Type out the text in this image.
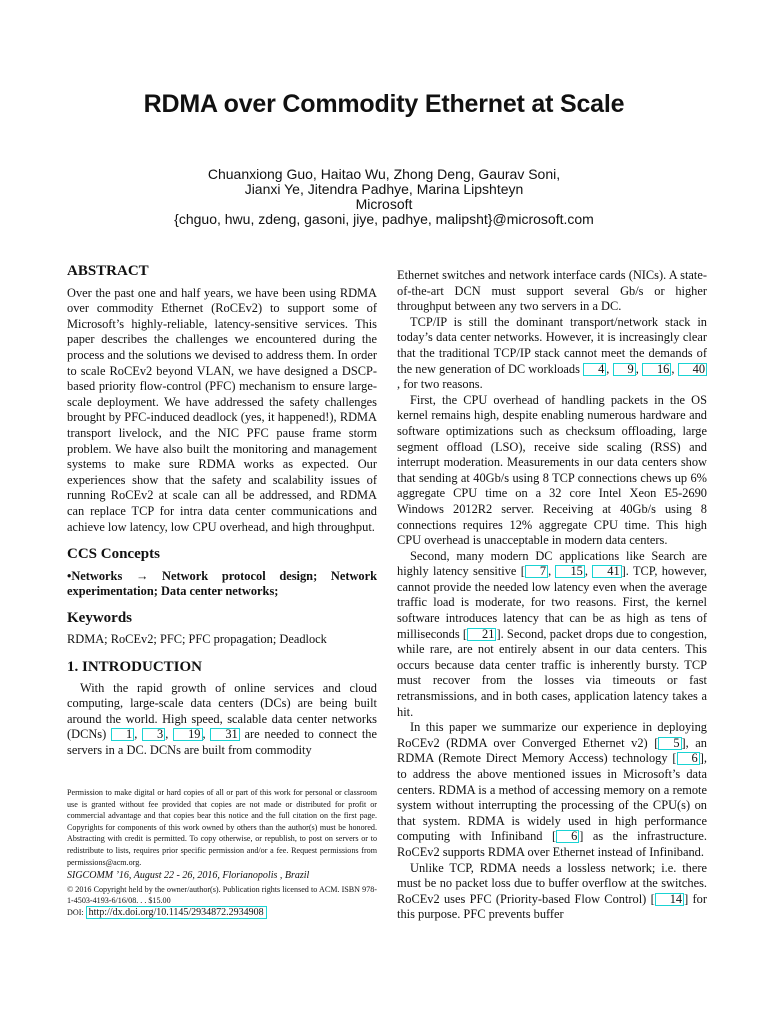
RDMA over Commodity Ethernet at Scale
Chuanxiong Guo, Haitao Wu, Zhong Deng, Gaurav Soni,
Jianxi Ye, Jitendra Padhye, Marina Lipshteyn
Microsoft
{chguo, hwu, zdeng, gasoni, jiye, padhye, malipsht}@microsoft.com
ABSTRACT

Over the past one and half years, we have been using RDMA over commodity Ethernet (RoCEv2) to support some of Microsoft’s highly-reliable, latency-sensitive services. This paper describes the challenges we encountered during the process and the solutions we devised to address them. In order to scale RoCEv2 beyond VLAN, we have designed a DSCP-based priority flow-control (PFC) mechanism to ensure large-scale deployment. We have addressed the safety challenges brought by PFC-induced deadlock (yes, it happened!), RDMA transport livelock, and the NIC PFC pause frame storm problem. We have also built the monitoring and management systems to make sure RDMA works as expected. Our experiences show that the safety and scalability issues of running RoCEv2 at scale can all be addressed, and RDMA can replace TCP for intra data center communications and achieve low latency, low CPU overhead, and high throughput.

CCS Concepts

•Networks → Network protocol design; Network experimentation; Data center networks;

Keywords

RDMA; RoCEv2; PFC; PFC propagation; Deadlock

1. INTRODUCTION

With the rapid growth of online services and cloud computing, large-scale data centers (DCs) are being built around the world. High speed, scalable data center networks (DCNs) 1 , 3 , 19 , 31 are needed to connect the servers in a DC. DCNs are built from commodity

Permission to make digital or hard copies of all or part of this work for personal or classroom use is granted without fee provided that copies are not made or distributed for profit or commercial advantage and that copies bear this notice and the full citation on the first page. Copyrights for components of this work owned by others than the author(s) must be honored. Abstracting with credit is permitted. To copy otherwise, or republish, to post on servers or to redistribute to lists, requires prior specific permission and/or a fee. Request permissions from permissions@acm.org.
SIGCOMM ’16, August 22 - 26, 2016, Florianopolis , Brazil
© 2016 Copyright held by the owner/author(s). Publication rights licensed to ACM. ISBN 978-1-4503-4193-6/16/08. . . $15.00
DOI: http://dx.doi.org/10.1145/2934872.2934908

Ethernet switches and network interface cards (NICs). A state-of-the-art DCN must support several Gb/s or higher throughput between any two servers in a DC.

TCP/IP is still the dominant transport/network stack in today’s data center networks. However, it is increasingly clear that the traditional TCP/IP stack cannot meet the demands of the new generation of DC workloads 4 , 9 , 16 , 40, for two reasons.

First, the CPU overhead of handling packets in the OS kernel remains high, despite enabling numerous hardware and software optimizations such as checksum offloading, large segment offload (LSO), receive side scaling (RSS) and interrupt moderation. Measurements in our data centers show that sending at 40Gb/s using 8 TCP connections chews up 6% aggregate CPU time on a 32 core Intel Xeon E5-2690 Windows 2012R2 server. Receiving at 40Gb/s using 8 connections requires 12% aggregate CPU time. This high CPU overhead is unacceptable in modern data centers.

Second, many modern DC applications like Search are highly latency sensitive [ 7 , 15 , 41 ]. TCP, however, cannot provide the needed low latency even when the average traffic load is moderate, for two reasons. First, the kernel software introduces latency that can be as high as tens of milliseconds [ 21 ]. Second, packet drops due to congestion, while rare, are not entirely absent in our data centers. This occurs because data center traffic is inherently bursty. TCP must recover from the losses via timeouts or fast retransmissions, and in both cases, application latency takes a hit.

In this paper we summarize our experience in deploying RoCEv2 (RDMA over Converged Ethernet v2) [ 5 ], an RDMA (Remote Direct Memory Access) technology [ 6 ], to address the above mentioned issues in Microsoft’s data centers. RDMA is a method of accessing memory on a remote system without interrupting the processing of the CPU(s) on that system. RDMA is widely used in high performance computing with Infiniband [ 6 ] as the infrastructure. RoCEv2 supports RDMA over Ethernet instead of Infiniband.

Unlike TCP, RDMA needs a lossless network; i.e. there must be no packet loss due to buffer overflow at the switches. RoCEv2 uses PFC (Priority-based Flow Control) [ 14 ] for this purpose. PFC prevents buffer
